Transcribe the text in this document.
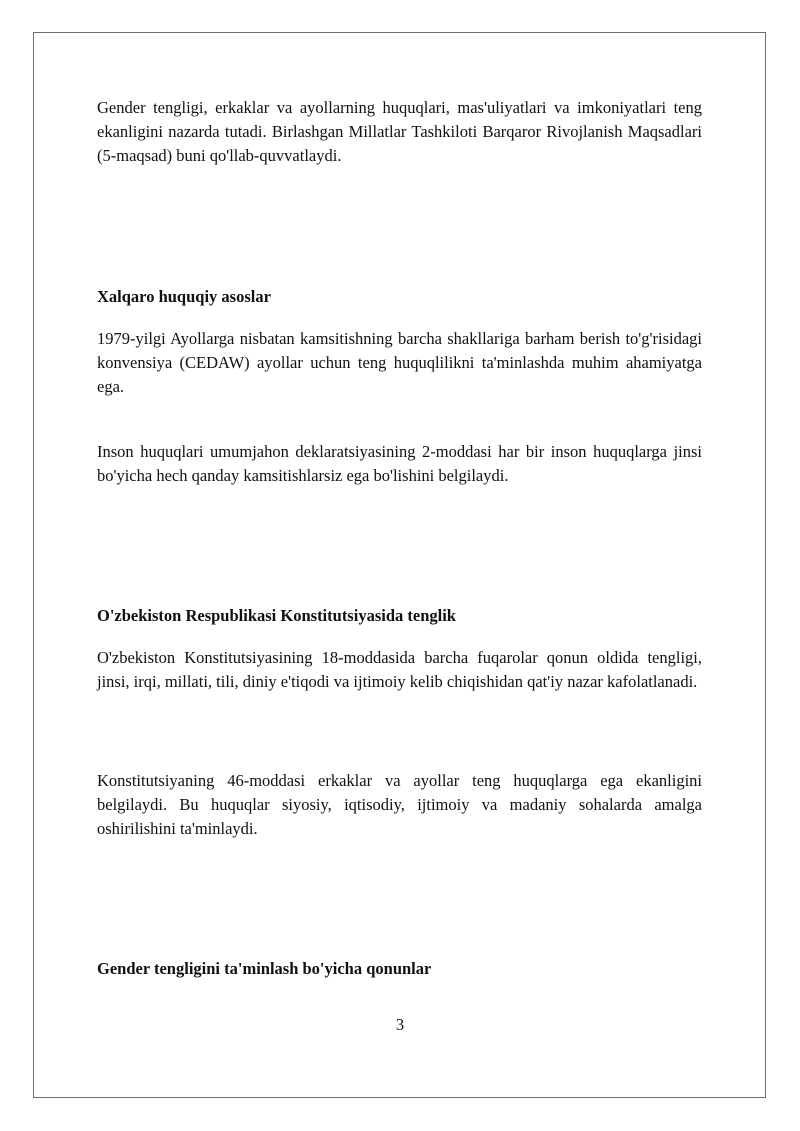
Gender tengligi, erkaklar va ayollarning huquqlari, mas'uliyatlari va imkoniyatlari teng ekanligini nazarda tutadi. Birlashgan Millatlar Tashkiloti Barqaror Rivojlanish Maqsadlari (5-maqsad) buni qo'llab-quvvatlaydi.

Xalqaro huquqiy asoslar

1979-yilgi Ayollarga nisbatan kamsitishning barcha shakllariga barham berish to'g'risidagi konvensiya (CEDAW) ayollar uchun teng huquqlilikni ta'minlashda muhim ahamiyatga ega.

Inson huquqlari umumjahon deklaratsiyasining 2-moddasi har bir inson huquqlarga jinsi bo'yicha hech qanday kamsitishlarsiz ega bo'lishini belgilaydi.

O'zbekiston Respublikasi Konstitutsiyasida tenglik

O'zbekiston Konstitutsiyasining 18-moddasida barcha fuqarolar qonun oldida tengligi, jinsi, irqi, millati, tili, diniy e'tiqodi va ijtimoiy kelib chiqishidan qat'iy nazar kafolatlanadi.

Konstitutsiyaning 46-moddasi erkaklar va ayollar teng huquqlarga ega ekanligini belgilaydi. Bu huquqlar siyosiy, iqtisodiy, ijtimoiy va madaniy sohalarda amalga oshirilishini ta'minlaydi.

Gender tengligini ta'minlash bo'yicha qonunlar

3
